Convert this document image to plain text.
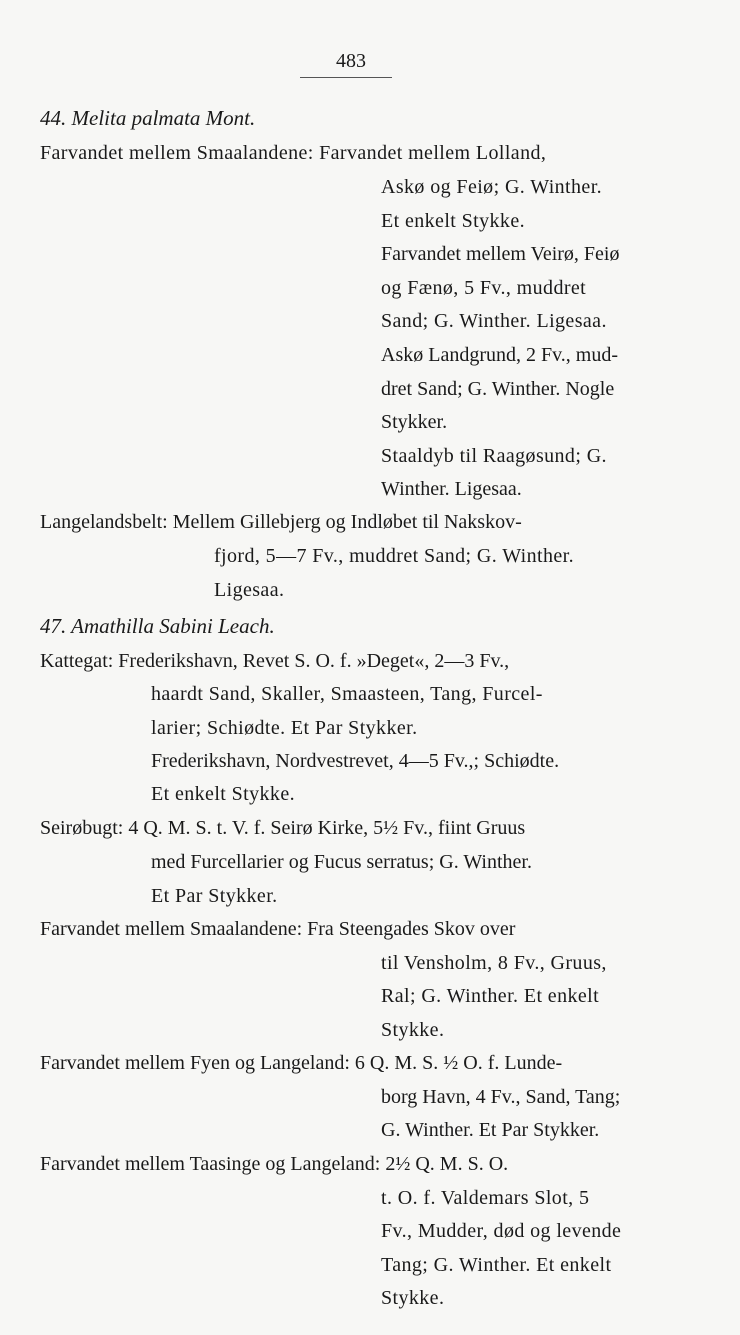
483
44. Melita palmata Mont.
Farvandet mellem Smaalandene: Farvandet mellem Lolland,
Askø og Feiø; G. Winther.
Et enkelt Stykke.
Farvandet mellem Veirø, Feiø
og Fænø, 5 Fv., muddret
Sand; G. Winther. Ligesaa.
Askø Landgrund, 2 Fv., mud-
dret Sand; G. Winther. Nogle
Stykker.
Staaldyb til Raagøsund; G.
Winther. Ligesaa.
Langelandsbelt: Mellem Gillebjerg og Indløbet til Nakskov-
fjord, 5—7 Fv., muddret Sand; G. Winther.
Ligesaa.
47. Amathilla Sabini Leach.
Kattegat: Frederikshavn, Revet S. O. f. »Deget«, 2—3 Fv.,
haardt Sand, Skaller, Smaasteen, Tang, Furcel-
larier; Schiødte. Et Par Stykker.
Frederikshavn, Nordvestrevet, 4—5 Fv.,; Schiødte.
Et enkelt Stykke.
Seirøbugt: 4 Q. M. S. t. V. f. Seirø Kirke, 5½ Fv., fiint Gruus
med Furcellarier og Fucus serratus; G. Winther.
Et Par Stykker.
Farvandet mellem Smaalandene: Fra Steengades Skov over
til Vensholm, 8 Fv., Gruus,
Ral; G. Winther. Et enkelt
Stykke.
Farvandet mellem Fyen og Langeland: 6 Q. M. S. ½ O. f. Lunde-
borg Havn, 4 Fv., Sand, Tang;
G. Winther. Et Par Stykker.
Farvandet mellem Taasinge og Langeland: 2½ Q. M. S. O.
t. O. f. Valdemars Slot, 5
Fv., Mudder, død og levende
Tang; G. Winther. Et enkelt
Stykke.
